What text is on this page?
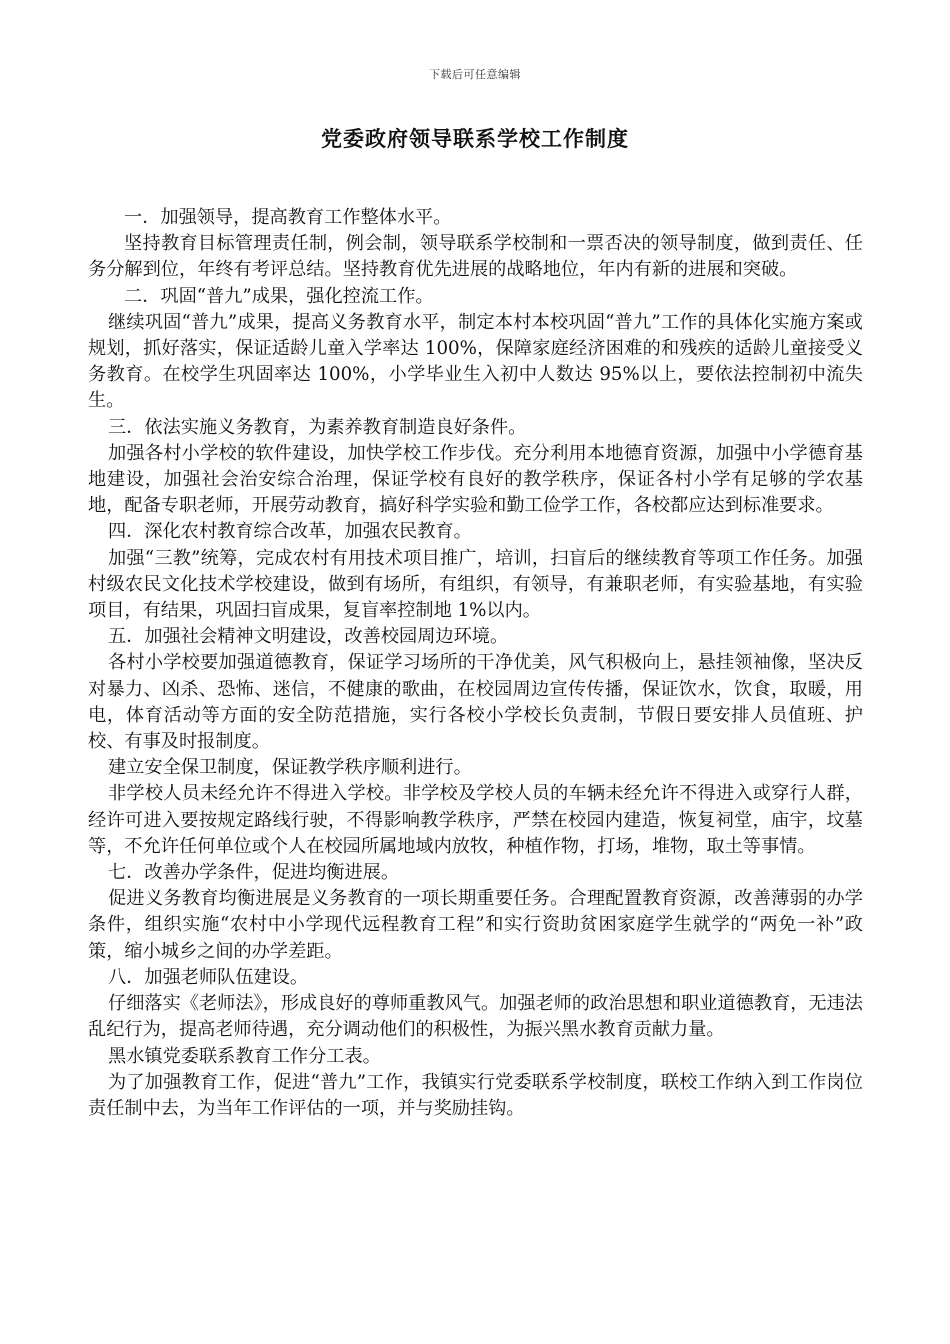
下载后可任意编辑
党委政府领导联系学校工作制度

一．加强领导，提高教育工作整体水平。

坚持教育目标管理责任制，例会制，领导联系学校制和一票否决的领导制度，做到责任、任务分解到位，年终有考评总结。坚持教育优先进展的战略地位，年内有新的进展和突破。

二．巩固“普九”成果，强化控流工作。

继续巩固“普九”成果，提高义务教育水平，制定本村本校巩固“普九”工作的具体化实施方案或规划，抓好落实，保证适龄儿童入学率达 100%，保障家庭经济困难的和残疾的适龄儿童接受义务教育。在校学生巩固率达 100%，小学毕业生入初中人数达 95%以上，要依法控制初中流失生。

三．依法实施义务教育，为素养教育制造良好条件。

加强各村小学校的软件建设，加快学校工作步伐。充分利用本地德育资源，加强中小学德育基地建设，加强社会治安综合治理，保证学校有良好的教学秩序，保证各村小学有足够的学农基地，配备专职老师，开展劳动教育，搞好科学实验和勤工俭学工作，各校都应达到标准要求。

四．深化农村教育综合改革，加强农民教育。

加强“三教”统筹，完成农村有用技术项目推广，培训，扫盲后的继续教育等项工作任务。加强村级农民文化技术学校建设，做到有场所，有组织，有领导，有兼职老师，有实验基地，有实验项目，有结果，巩固扫盲成果，复盲率控制地 1%以内。

五．加强社会精神文明建设，改善校园周边环境。

各村小学校要加强道德教育，保证学习场所的干净优美，风气积极向上，悬挂领袖像，坚决反对暴力、凶杀、恐怖、迷信，不健康的歌曲，在校园周边宣传传播，保证饮水，饮食，取暖，用电，体育活动等方面的安全防范措施，实行各校小学校长负责制，节假日要安排人员值班、护校、有事及时报制度。

建立安全保卫制度，保证教学秩序顺利进行。

非学校人员未经允许不得进入学校。非学校及学校人员的车辆未经允许不得进入或穿行人群，经许可进入要按规定路线行驶，不得影响教学秩序，严禁在校园内建造，恢复祠堂，庙宇，坟墓等，不允许任何单位或个人在校园所属地域内放牧，种植作物，打场，堆物，取土等事情。

七．改善办学条件，促进均衡进展。

促进义务教育均衡进展是义务教育的一项长期重要任务。合理配置教育资源，改善薄弱的办学条件，组织实施“农村中小学现代远程教育工程”和实行资助贫困家庭学生就学的“两免一补”政策，缩小城乡之间的办学差距。

八．加强老师队伍建设。

仔细落实《老师法》，形成良好的尊师重教风气。加强老师的政治思想和职业道德教育，无违法乱纪行为，提高老师待遇，充分调动他们的积极性，为振兴黑水教育贡献力量。

黑水镇党委联系教育工作分工表。

为了加强教育工作，促进“普九”工作，我镇实行党委联系学校制度，联校工作纳入到工作岗位责任制中去，为当年工作评估的一项，并与奖励挂钩。
